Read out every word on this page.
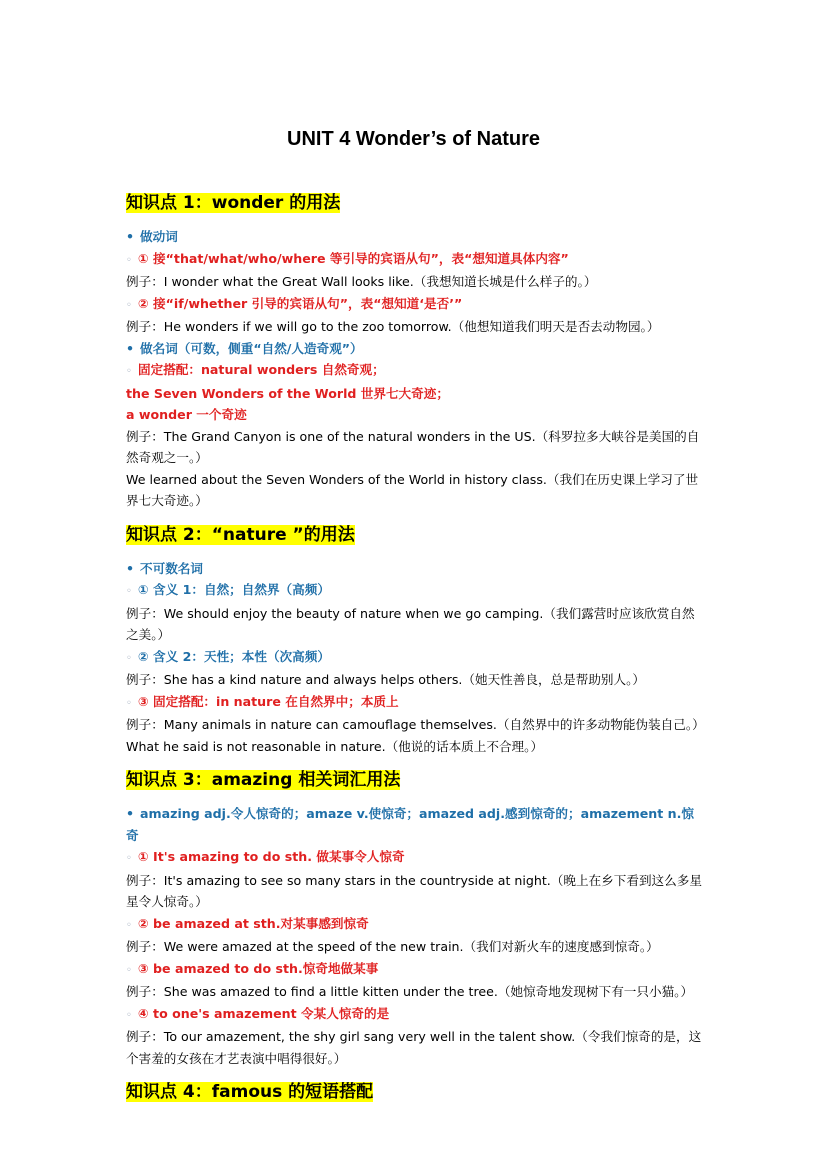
UNIT 4 Wonder’s of Nature
知识点 1：wonder 的用法
• 做动词
◦ ① 接“that/what/who/where 等引导的宾语从句”，表“想知道具体内容”
例子：I wonder what the Great Wall looks like.（我想知道长城是什么样子的。）
◦ ② 接“if/whether 引导的宾语从句”，表“想知道‘是否’”
例子：He wonders if we will go to the zoo tomorrow.（他想知道我们明天是否去动物园。）
• 做名词（可数，侧重“自然/人造奇观”）
◦ 固定搭配：natural wonders 自然奇观；
the Seven Wonders of the World 世界七大奇迹；
a wonder 一个奇迹
例子：The Grand Canyon is one of the natural wonders in the US.（科罗拉多大峡谷是美国的自然奇观之一。）
We learned about the Seven Wonders of the World in history class.（我们在历史课上学习了世界七大奇迹。）
知识点 2：“nature ”的用法
• 不可数名词
◦ ① 含义 1：自然；自然界（高频）
例子：We should enjoy the beauty of nature when we go camping.（我们露营时应该欣赏自然之美。）
◦ ② 含义 2：天性；本性（次高频）
例子：She has a kind nature and always helps others.（她天性善良，总是帮助别人。）
◦ ③ 固定搭配：in nature 在自然界中；本质上
例子：Many animals in nature can camouflage themselves.（自然界中的许多动物能伪装自己。）
What he said is not reasonable in nature.（他说的话本质上不合理。）
知识点 3：amazing 相关词汇用法
• amazing adj.令人惊奇的；amaze v.使惊奇；amazed adj.感到惊奇的；amazement n.惊奇
◦ ① It's amazing to do sth. 做某事令人惊奇
例子：It's amazing to see so many stars in the countryside at night.（晚上在乡下看到这么多星星令人惊奇。）
◦ ② be amazed at sth.对某事感到惊奇
例子：We were amazed at the speed of the new train.（我们对新火车的速度感到惊奇。）
◦ ③ be amazed to do sth.惊奇地做某事
例子：She was amazed to find a little kitten under the tree.（她惊奇地发现树下有一只小猫。）
◦ ④ to one's amazement 令某人惊奇的是
例子：To our amazement, the shy girl sang very well in the talent show.（令我们惊奇的是，这个害羞的女孩在才艺表演中唱得很好。）
知识点 4：famous 的短语搭配
